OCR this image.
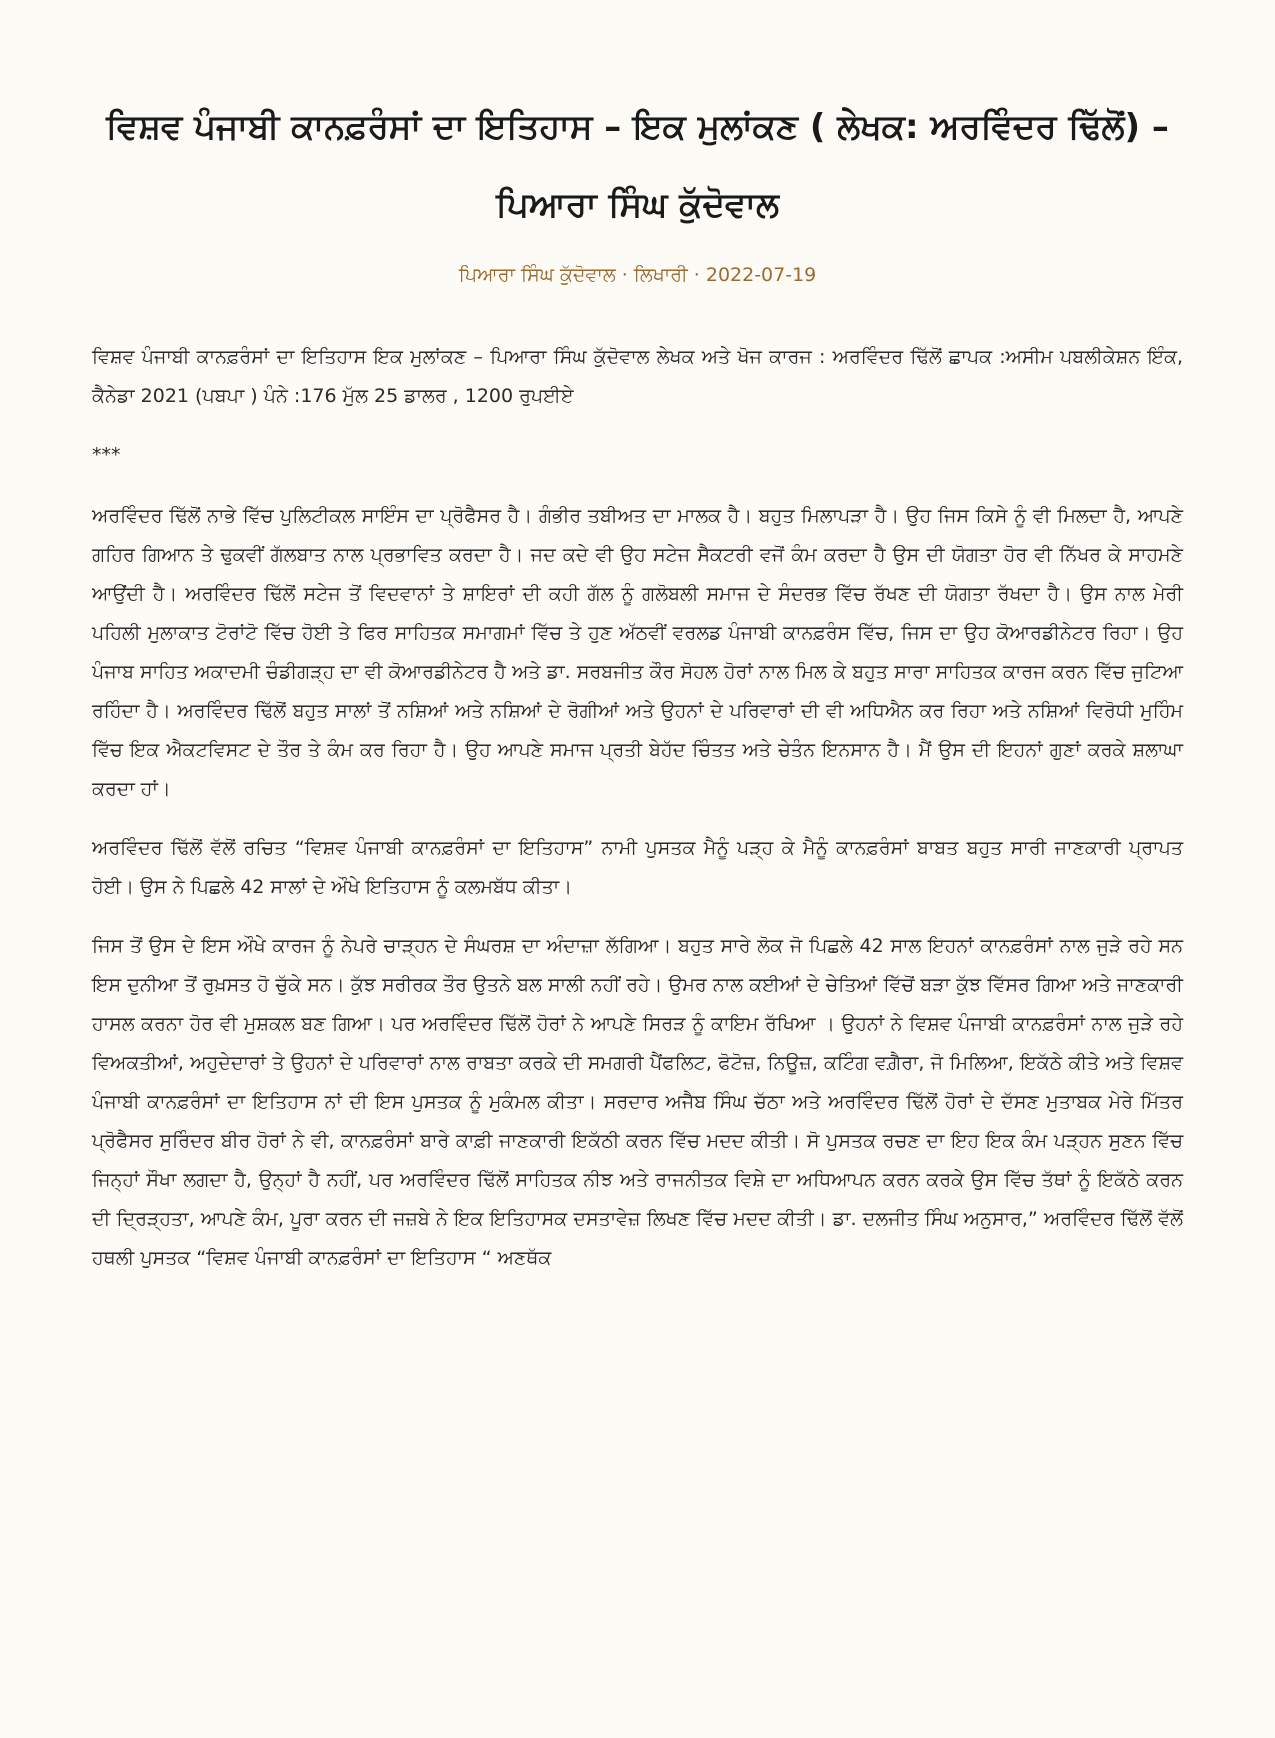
ਵਿਸ਼ਵ ਪੰਜਾਬੀ ਕਾਨਫ਼ਰੰਸਾਂ ਦਾ ਇਤਿਹਾਸ – ਇਕ ਮੁਲਾਂਕਣ ( ਲੇਖਕ: ਅਰਵਿੰਦਰ ਢਿੱਲੋਂ) – ਪਿਆਰਾ ਸਿੰਘ ਕੁੱਦੋਵਾਲ
ਪਿਆਰਾ ਸਿੰਘ ਕੁੱਦੋਵਾਲ · ਲਿਖਾਰੀ · 2022-07-19

ਵਿਸ਼ਵ ਪੰਜਾਬੀ ਕਾਨਫ਼ਰੰਸਾਂ ਦਾ ਇਤਿਹਾਸ ਇਕ ਮੁਲਾਂਕਣ – ਪਿਆਰਾ ਸਿੰਘ ਕੁੱਦੋਵਾਲ ਲੇਖਕ ਅਤੇ ਖੋਜ ਕਾਰਜ : ਅਰਵਿੰਦਰ ਢਿੱਲੋਂ ਛਾਪਕ :ਅਸੀਮ ਪਬਲੀਕੇਸ਼ਨ ਇੰਕ, ਕੈਨੇਡਾ 2021 (ਪਬਪਾ ) ਪੰਨੇ :176 ਮੁੱਲ 25 ਡਾਲਰ , 1200 ਰੁਪਈਏ

***

ਅਰਵਿੰਦਰ ਢਿੱਲੋਂ ਨਾਭੇ ਵਿੱਚ ਪੁਲਿਟੀਕਲ ਸਾਇੰਸ ਦਾ ਪ੍ਰੋਫੈਸਰ ਹੈ। ਗੰਭੀਰ ਤਬੀਅਤ ਦਾ ਮਾਲਕ ਹੈ। ਬਹੁਤ ਮਿਲਾਪੜਾ ਹੈ। ਉਹ ਜਿਸ ਕਿਸੇ ਨੂੰ ਵੀ ਮਿਲਦਾ ਹੈ, ਆਪਣੇ ਗਹਿਰ ਗਿਆਨ ਤੇ ਢੁਕਵੀਂ ਗੱਲਬਾਤ ਨਾਲ ਪ੍ਰਭਾਵਿਤ ਕਰਦਾ ਹੈ। ਜਦ ਕਦੇ ਵੀ ਉਹ ਸਟੇਜ ਸੈਕਟਰੀ ਵਜੋਂ ਕੰਮ ਕਰਦਾ ਹੈ ਉਸ ਦੀ ਯੋਗਤਾ ਹੋਰ ਵੀ ਨਿੱਖਰ ਕੇ ਸਾਹਮਣੇ ਆਉਂਦੀ ਹੈ। ਅਰਵਿੰਦਰ ਢਿੱਲੋਂ ਸਟੇਜ ਤੋਂ ਵਿਦਵਾਨਾਂ ਤੇ ਸ਼ਾਇਰਾਂ ਦੀ ਕਹੀ ਗੱਲ ਨੂੰ ਗਲੋਬਲੀ ਸਮਾਜ ਦੇ ਸੰਦਰਭ ਵਿੱਚ ਰੱਖਣ ਦੀ ਯੋਗਤਾ ਰੱਖਦਾ ਹੈ। ਉਸ ਨਾਲ ਮੇਰੀ ਪਹਿਲੀ ਮੁਲਾਕਾਤ ਟੋਰਾਂਟੋ ਵਿੱਚ ਹੋਈ ਤੇ ਫਿਰ ਸਾਹਿਤਕ ਸਮਾਗਮਾਂ ਵਿੱਚ ਤੇ ਹੁਣ ਅੱਠਵੀਂ ਵਰਲਡ ਪੰਜਾਬੀ ਕਾਨਫ਼ਰੰਸ ਵਿੱਚ, ਜਿਸ ਦਾ ਉਹ ਕੋਆਰਡੀਨੇਟਰ ਰਿਹਾ। ਉਹ ਪੰਜਾਬ ਸਾਹਿਤ ਅਕਾਦਮੀ ਚੰਡੀਗੜ੍ਹ ਦਾ ਵੀ ਕੋਆਰਡੀਨੇਟਰ ਹੈ ਅਤੇ ਡਾ. ਸਰਬਜੀਤ ਕੌਰ ਸੋਹਲ ਹੋਰਾਂ ਨਾਲ ਮਿਲ ਕੇ ਬਹੁਤ ਸਾਰਾ ਸਾਹਿਤਕ ਕਾਰਜ ਕਰਨ ਵਿੱਚ ਜੁਟਿਆ ਰਹਿੰਦਾ ਹੈ। ਅਰਵਿੰਦਰ ਢਿੱਲੋਂ ਬਹੁਤ ਸਾਲਾਂ ਤੋਂ ਨਸ਼ਿਆਂ ਅਤੇ ਨਸ਼ਿਆਂ ਦੇ ਰੋਗੀਆਂ ਅਤੇ ਉਹਨਾਂ ਦੇ ਪਰਿਵਾਰਾਂ ਦੀ ਵੀ ਅਧਿਐਨ ਕਰ ਰਿਹਾ ਅਤੇ ਨਸ਼ਿਆਂ ਵਿਰੋਧੀ ਮੁਹਿੰਮ ਵਿੱਚ ਇਕ ਐਕਟਵਿਸਟ ਦੇ ਤੌਰ ਤੇ ਕੰਮ ਕਰ ਰਿਹਾ ਹੈ। ਉਹ ਆਪਣੇ ਸਮਾਜ ਪ੍ਰਤੀ ਬੇਹੱਦ ਚਿੰਤਤ ਅਤੇ ਚੇਤੰਨ ਇਨਸਾਨ ਹੈ। ਮੈਂ ਉਸ ਦੀ ਇਹਨਾਂ ਗੁਣਾਂ ਕਰਕੇ ਸ਼ਲਾਘਾ ਕਰਦਾ ਹਾਂ।

ਅਰਵਿੰਦਰ ਢਿੱਲੋਂ ਵੱਲੋਂ ਰਚਿਤ “ਵਿਸ਼ਵ ਪੰਜਾਬੀ ਕਾਨਫ਼ਰੰਸਾਂ ਦਾ ਇਤਿਹਾਸ” ਨਾਮੀ ਪੁਸਤਕ ਮੈਨੂੰ ਪੜ੍ਹ ਕੇ ਮੈਨੂੰ ਕਾਨਫ਼ਰੰਸਾਂ ਬਾਬਤ ਬਹੁਤ ਸਾਰੀ ਜਾਣਕਾਰੀ ਪ੍ਰਾਪਤ ਹੋਈ। ਉਸ ਨੇ ਪਿਛਲੇ 42 ਸਾਲਾਂ ਦੇ ਔਖੇ ਇਤਿਹਾਸ ਨੂੰ ਕਲਮਬੱਧ ਕੀਤਾ।

ਜਿਸ ਤੋਂ ਉਸ ਦੇ ਇਸ ਔਖੇ ਕਾਰਜ ਨੂੰ ਨੇਪਰੇ ਚਾੜ੍ਹਨ ਦੇ ਸੰਘਰਸ਼ ਦਾ ਅੰਦਾਜ਼ਾ ਲੱਗਿਆ। ਬਹੁਤ ਸਾਰੇ ਲੋਕ ਜੋ ਪਿਛਲੇ 42 ਸਾਲ ਇਹਨਾਂ ਕਾਨਫ਼ਰੰਸਾਂ ਨਾਲ ਜੁੜੇ ਰਹੇ ਸਨ ਇਸ ਦੁਨੀਆ ਤੋਂ ਰੁਖ਼ਸਤ ਹੋ ਚੁੱਕੇ ਸਨ। ਕੁੱਝ ਸਰੀਰਕ ਤੌਰ ਉਤਨੇ ਬਲ ਸਾਲੀ ਨਹੀਂ ਰਹੇ। ਉਮਰ ਨਾਲ ਕਈਆਂ ਦੇ ਚੇਤਿਆਂ ਵਿੱਚੋਂ ਬੜਾ ਕੁੱਝ ਵਿੱਸਰ ਗਿਆ ਅਤੇ ਜਾਣਕਾਰੀ ਹਾਸਲ ਕਰਨਾ ਹੋਰ ਵੀ ਮੁਸ਼ਕਲ ਬਣ ਗਿਆ। ਪਰ ਅਰਵਿੰਦਰ ਢਿੱਲੋਂ ਹੋਰਾਂ ਨੇ ਆਪਣੇ ਸਿਰੜ ਨੂੰ ਕਾਇਮ ਰੱਖਿਆ । ਉਹਨਾਂ ਨੇ ਵਿਸ਼ਵ ਪੰਜਾਬੀ ਕਾਨਫ਼ਰੰਸਾਂ ਨਾਲ ਜੁੜੇ ਰਹੇ ਵਿਅਕਤੀਆਂ, ਅਹੁਦੇਦਾਰਾਂ ਤੇ ਉਹਨਾਂ ਦੇ ਪਰਿਵਾਰਾਂ ਨਾਲ ਰਾਬਤਾ ਕਰਕੇ ਦੀ ਸਮਗਰੀ ਪੈਂਫਲਿਟ, ਫੋਟੋਜ਼, ਨਿਊਜ਼, ਕਟਿੰਗ ਵਗ਼ੈਰਾ, ਜੋ ਮਿਲਿਆ, ਇਕੱਠੇ ਕੀਤੇ ਅਤੇ ਵਿਸ਼ਵ ਪੰਜਾਬੀ ਕਾਨਫ਼ਰੰਸਾਂ ਦਾ ਇਤਿਹਾਸ ਨਾਂ ਦੀ ਇਸ ਪੁਸਤਕ ਨੂੰ ਮੁਕੰਮਲ ਕੀਤਾ। ਸਰਦਾਰ ਅਜੈਬ ਸਿੰਘ ਚੱਠਾ ਅਤੇ ਅਰਵਿੰਦਰ ਢਿੱਲੋਂ ਹੋਰਾਂ ਦੇ ਦੱਸਣ ਮੁਤਾਬਕ ਮੇਰੇ ਮਿੱਤਰ ਪ੍ਰੋਫੈਸਰ ਸੁਰਿੰਦਰ ਬੀਰ ਹੋਰਾਂ ਨੇ ਵੀ, ਕਾਨਫ਼ਰੰਸਾਂ ਬਾਰੇ ਕਾਫ਼ੀ ਜਾਣਕਾਰੀ ਇਕੱਠੀ ਕਰਨ ਵਿੱਚ ਮਦਦ ਕੀਤੀ। ਸੋ ਪੁਸਤਕ ਰਚਣ ਦਾ ਇਹ ਇਕ ਕੰਮ ਪੜ੍ਹਨ ਸੁਣਨ ਵਿੱਚ ਜਿਨ੍ਹਾਂ ਸੌਖਾ ਲਗਦਾ ਹੈ, ਉਨ੍ਹਾਂ ਹੈ ਨਹੀਂ, ਪਰ ਅਰਵਿੰਦਰ ਢਿੱਲੋਂ ਸਾਹਿਤਕ ਨੀਝ ਅਤੇ ਰਾਜਨੀਤਕ ਵਿਸ਼ੇ ਦਾ ਅਧਿਆਪਨ ਕਰਨ ਕਰਕੇ ਉਸ ਵਿੱਚ ਤੱਥਾਂ ਨੂੰ ਇਕੱਠੇ ਕਰਨ ਦੀ ਦ੍ਰਿੜ੍ਹਤਾ, ਆਪਣੇ ਕੰਮ, ਪੂਰਾ ਕਰਨ ਦੀ ਜਜ਼ਬੇ ਨੇ ਇਕ ਇਤਿਹਾਸਕ ਦਸਤਾਵੇਜ਼ ਲਿਖਣ ਵਿੱਚ ਮਦਦ ਕੀਤੀ। ਡਾ. ਦਲਜੀਤ ਸਿੰਘ ਅਨੁਸਾਰ,” ਅਰਵਿੰਦਰ ਢਿੱਲੋਂ ਵੱਲੋਂ ਹਥਲੀ ਪੁਸਤਕ “ਵਿਸ਼ਵ ਪੰਜਾਬੀ ਕਾਨਫ਼ਰੰਸਾਂ ਦਾ ਇਤਿਹਾਸ “ ਅਣਥੱਕ
